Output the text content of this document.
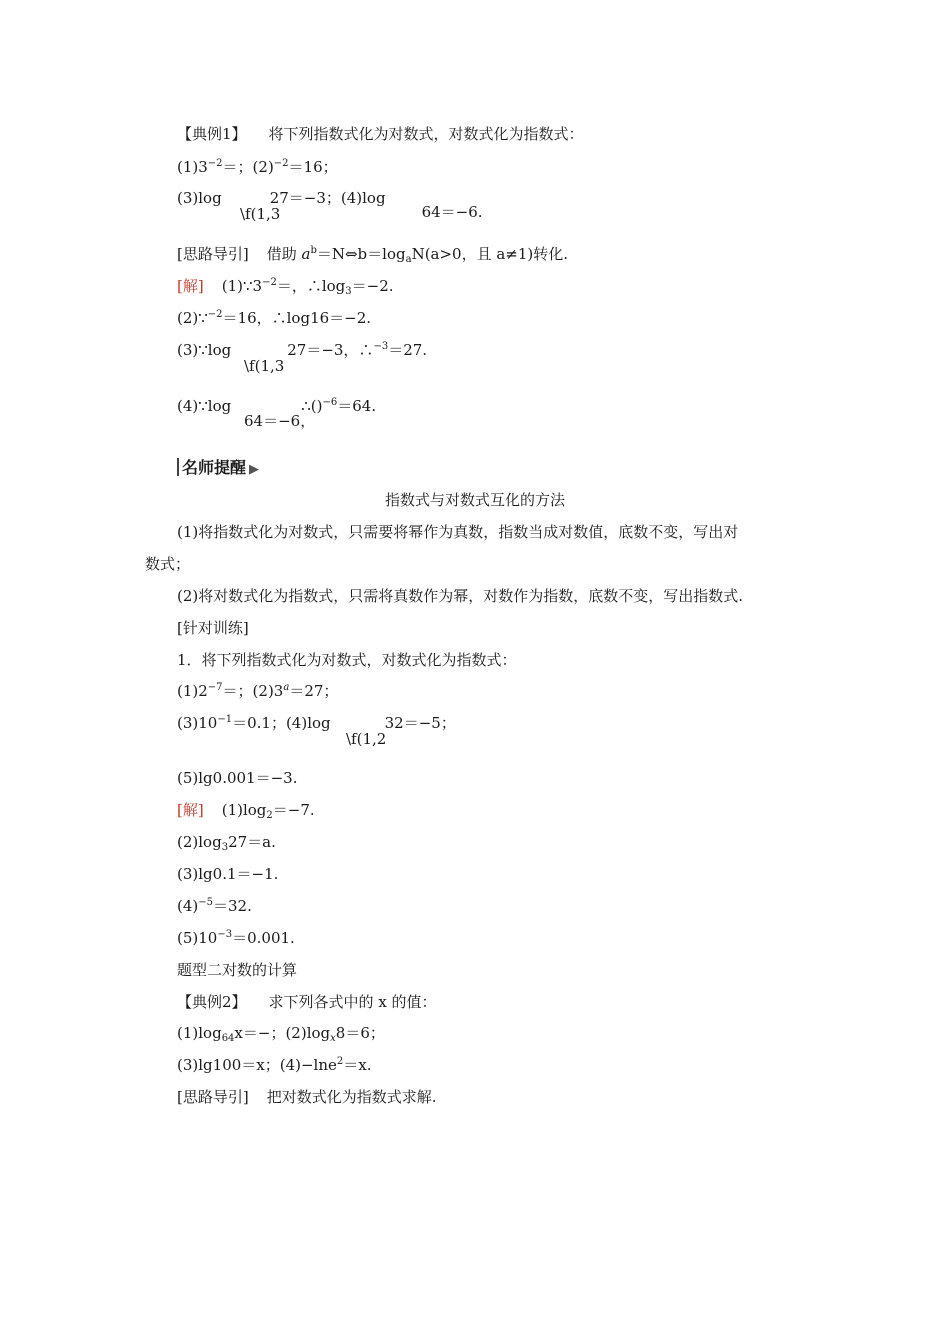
【典例1】 将下列指数式化为对数式，对数式化为指数式：
$(1)3^{-2}=$；$(2)^{-2}=16$；
(3)log	27＝−3；(4)log64＝−6.
\f(1,3
[思路导引] 借助 $a^b=N\Leftrightarrow b=\log_aN(a>0$，且 a≠1)转化.
[解] $(1)\because 3^{-2}=$，$\therefore\log_3=-2$.
(2)∵$^{-2}$＝16，∴log16＝−2.
(3)∵log	27＝−3，∴$^{-3}$＝27.
\f(1,3
(4)∵log	∴()$^{-6}$＝64.
64＝−6，
名师提醒 ▶
指数式与对数式互化的方法
(1)将指数式化为对数式，只需要将幂作为真数，指数当成对数值，底数不变，写出对
数式；
(2)将对数式化为指数式，只需将真数作为幂，对数作为指数，底数不变，写出指数式.
[针对训练]
1．将下列指数式化为对数式，对数式化为指数式：
$(1)2^{-7}=$；$(2)3^a=27$；
$(3)10^{-1}=0.1$；(4)log	32＝−5；
\f(1,2
(5)lg0.001＝−3.
[解] $(1)\log_2=-7$.
$(2)\log_327=a$.
(3)lg0.1＝−1.
$(4)^{-5}=32$.
$(5)10^{-3}=0.001$.
题型二对数的计算
【典例2】 求下列各式中的 x 的值：
$(1)\log_{64}x=-$；$(2)\log_x8=6$；
(3)lg100＝x；(4)−lne$^2$＝x.
[思路导引] 把对数式化为指数式求解.
